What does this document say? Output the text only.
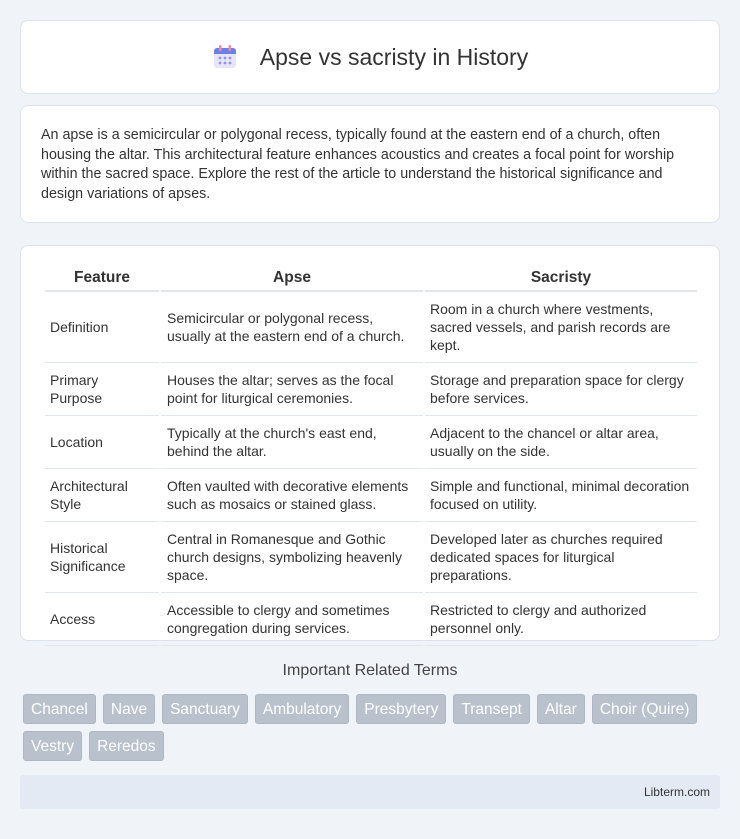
Apse vs sacristy in History

An apse is a semicircular or polygonal recess, typically found at the eastern end of a church, often housing the altar. This architectural feature enhances acoustics and creates a focal point for worship within the sacred space. Explore the rest of the article to understand the historical significance and design variations of apses.

Feature	Apse	Sacristy
Definition	Semicircular or polygonal recess, usually at the eastern end of a church.	Room in a church where vestments, sacred vessels, and parish records are kept.
Primary Purpose	Houses the altar; serves as the focal point for liturgical ceremonies.	Storage and preparation space for clergy before services.
Location	Typically at the church's east end, behind the altar.	Adjacent to the chancel or altar area, usually on the side.
Architectural Style	Often vaulted with decorative elements such as mosaics or stained glass.	Simple and functional, minimal decoration focused on utility.
Historical Significance	Central in Romanesque and Gothic church designs, symbolizing heavenly space.	Developed later as churches required dedicated spaces for liturgical preparations.
Access	Accessible to clergy and sometimes congregation during services.	Restricted to clergy and authorized personnel only.
Important Related Terms
Chancel	Nave	Sanctuary	Ambulatory	Presbytery	Transept	Altar	Choir (Quire)
Vestry	Reredos
Libterm.com
